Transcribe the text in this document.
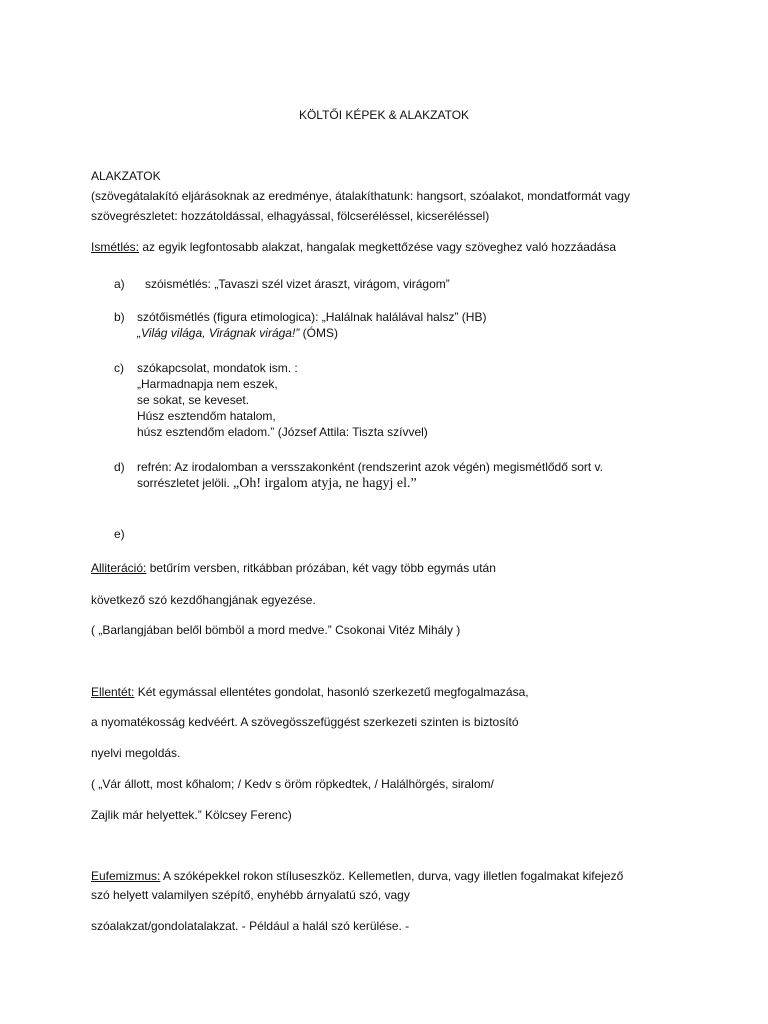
KÖLTŐI KÉPEK & ALAKZATOK
ALAKZATOK
(szövegátalakító eljárásoknak az eredménye, átalakíthatunk: hangsort, szóalakot, mondatformát vagy
szövegrészletet: hozzátoldással, elhagyással, fölcseréléssel, kicseréléssel)
Ismétlés: az egyik legfontosabb alakzat, hangalak megkettőzése vagy szöveghez való hozzáadása
a)	szóismétlés: „Tavaszi szél vizet áraszt, virágom, virágom”
b)	szótőismétlés (figura etimologica): „Halálnak halálával halsz” (HB)
„Világ világa, Virágnak virága!” (ÓMS)
c)	szókapcsolat, mondatok ism. :
„Harmadnapja nem eszek,
se sokat, se keveset.
Húsz esztendőm hatalom,
húsz esztendőm eladom.” (József Attila: Tiszta szívvel)
d)	refrén: Az irodalomban a versszakonként (rendszerint azok végén) megismétlődő sort v.
sorrészletet jelöli. „Oh! irgalom atyja, ne hagyj el.”
e)
Alliteráció: betűrím versben, ritkábban prózában, két vagy több egymás után
következő szó kezdőhangjának egyezése.
( „Barlangjában belől bömböl a mord medve.” Csokonai Vitéz Mihály )
Ellentét: Két egymással ellentétes gondolat, hasonló szerkezetű megfogalmazása,
a nyomatékosság kedvéért. A szövegösszefüggést szerkezeti szinten is biztosító
nyelvi megoldás.
( „Vár állott, most kőhalom; / Kedv s öröm röpkedtek, / Halálhörgés, siralom/
Zajlik már helyettek.” Kölcsey Ferenc)
Eufemizmus: A szóképekkel rokon stíluseszköz. Kellemetlen, durva, vagy illetlen fogalmakat kifejező
szó helyett valamilyen szépítő, enyhébb árnyalatú szó, vagy
szóalakzat/gondolatalakzat. - Például a halál szó kerülése. -
